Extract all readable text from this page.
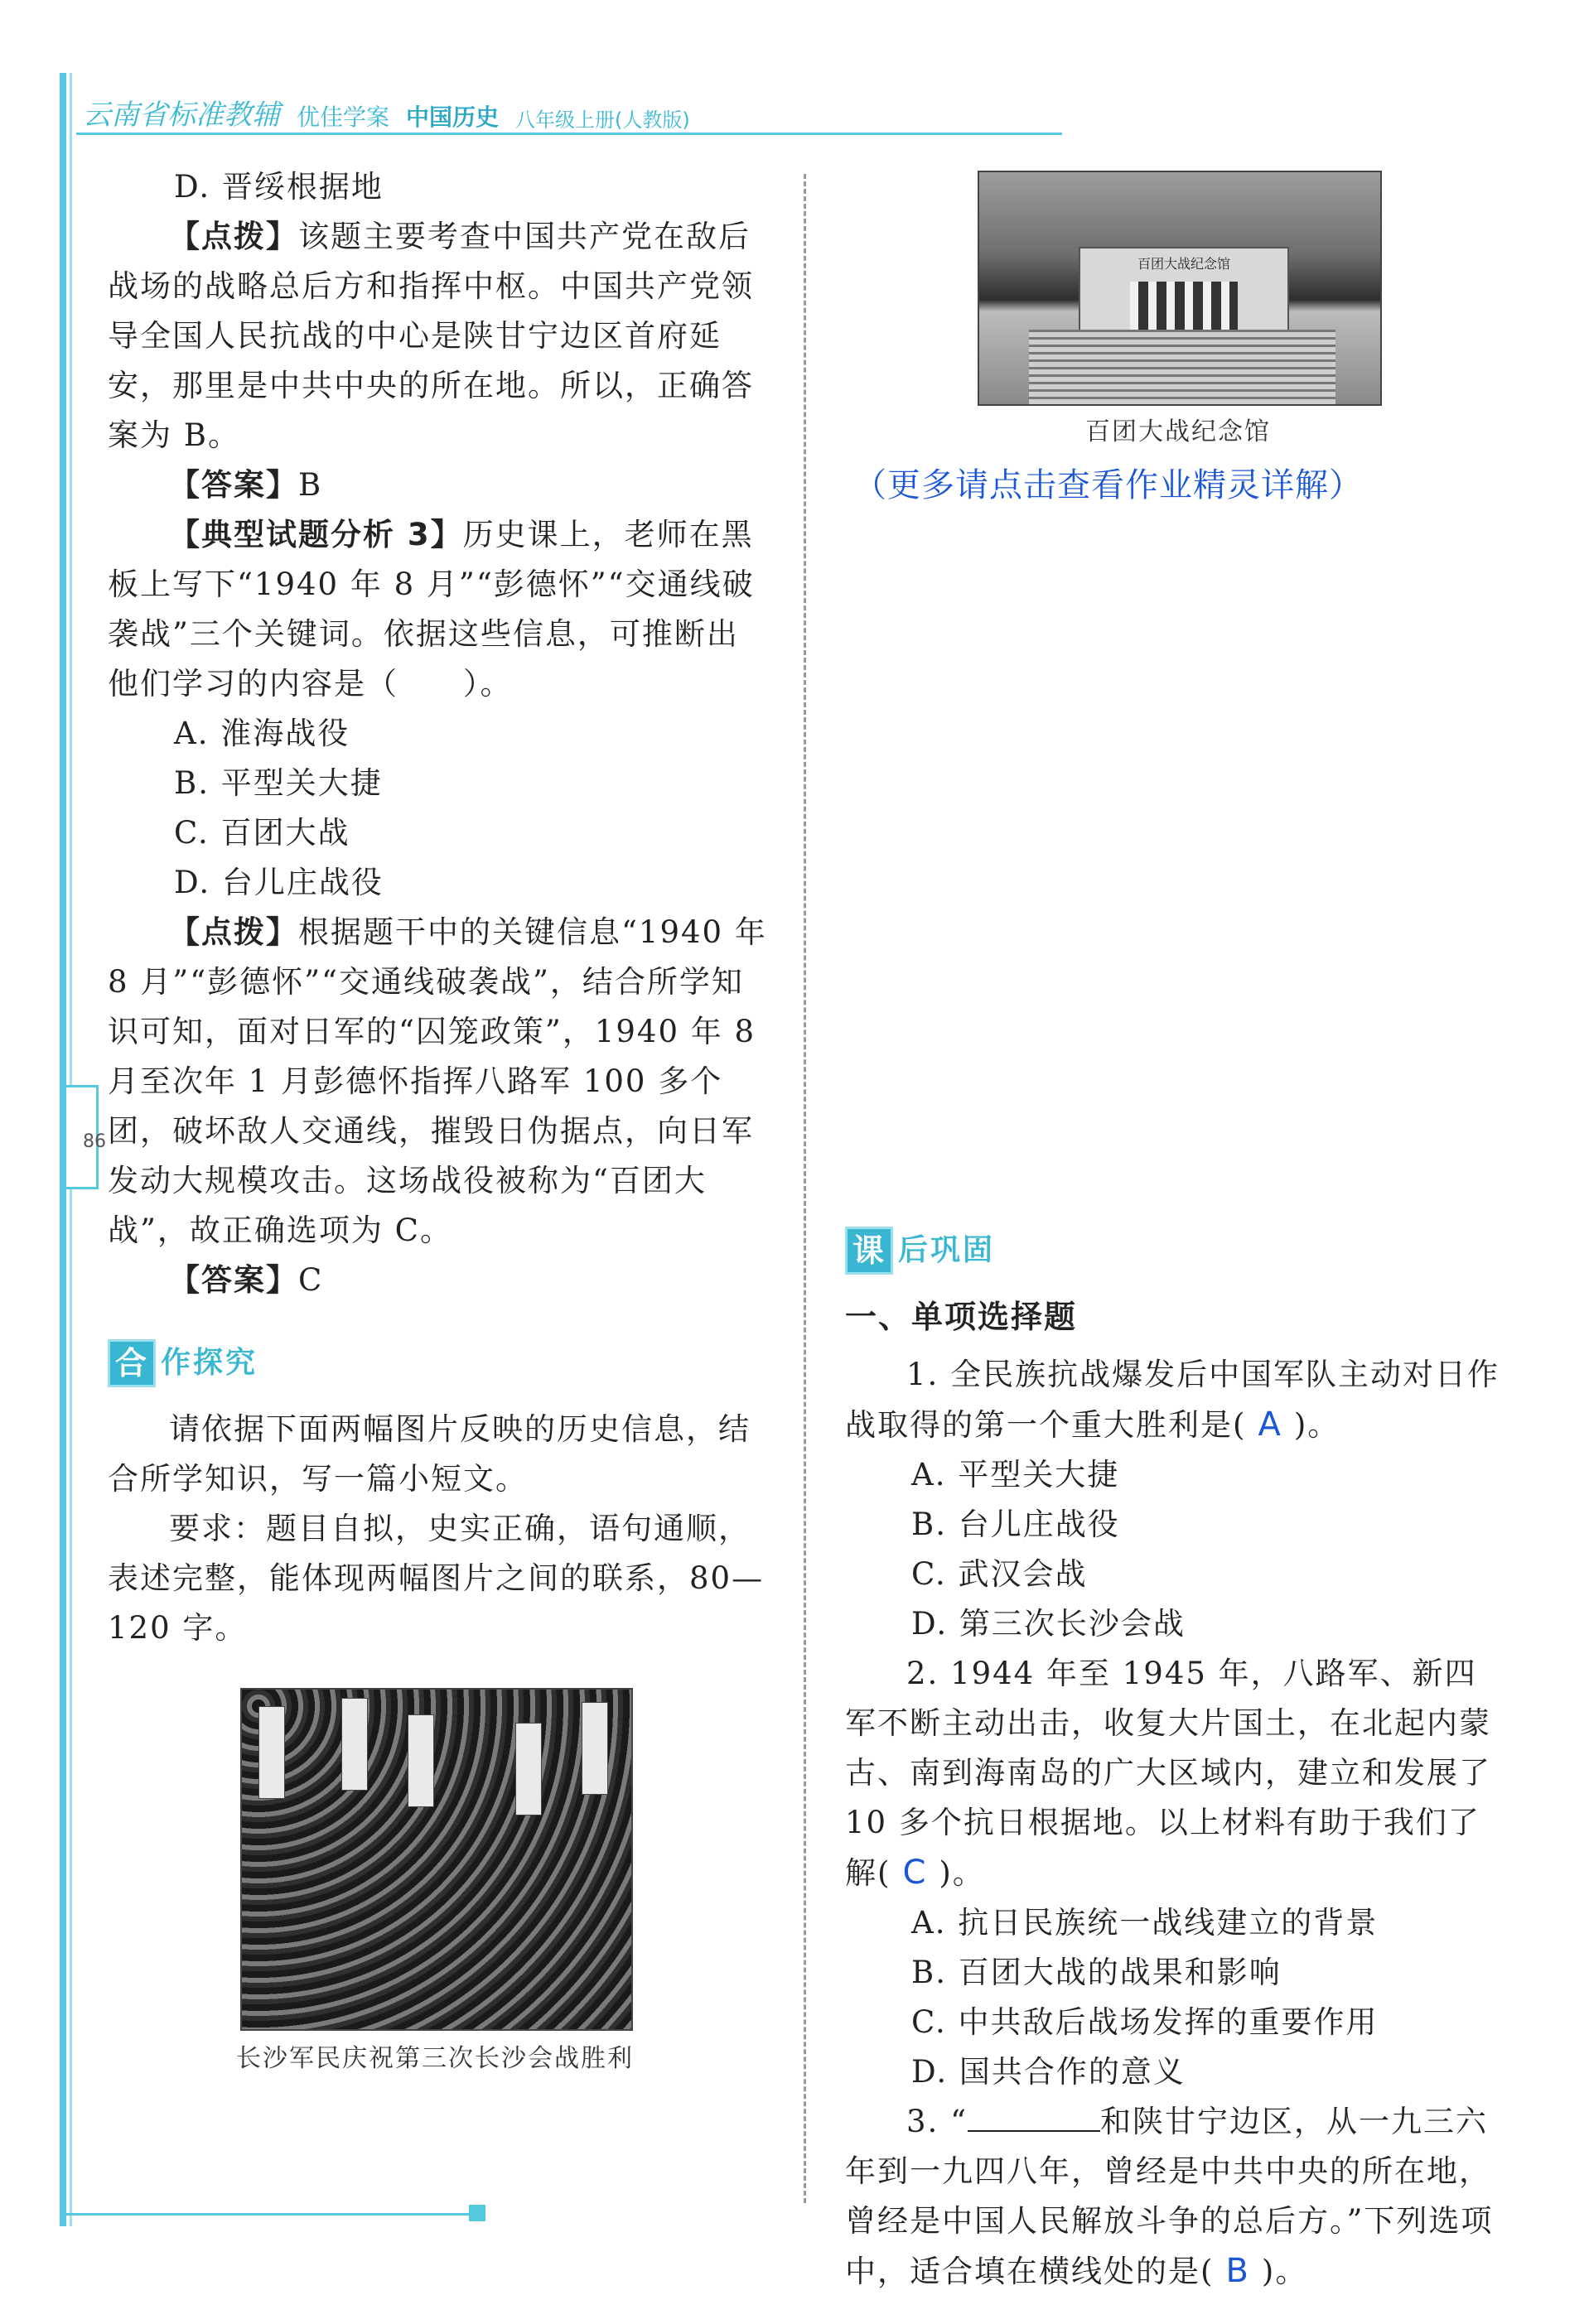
86
云南省标准教辅 优佳学案 中国历史 八年级上册(人教版)

D. 晋绥根据地

【点拨】该题主要考查中国共产党在敌后战场的战略总后方和指挥中枢。中国共产党领导全国人民抗战的中心是陕甘宁边区首府延安，那里是中共中央的所在地。所以，正确答案为 B。

【答案】B

【典型试题分析 3】历史课上，老师在黑板上写下“1940 年 8 月”“彭德怀”“交通线破袭战”三个关键词。依据这些信息，可推断出他们学习的内容是（　　）。

A. 淮海战役

B. 平型关大捷

C. 百团大战

D. 台儿庄战役

【点拨】根据题干中的关键信息“1940 年 8 月”“彭德怀”“交通线破袭战”，结合所学知识可知，面对日军的“囚笼政策”，1940 年 8 月至次年 1 月彭德怀指挥八路军 100 多个团，破坏敌人交通线，摧毁日伪据点，向日军发动大规模攻击。这场战役被称为“百团大战”，故正确选项为 C。

【答案】C

合 作探究

请依据下面两幅图片反映的历史信息，结合所学知识，写一篇小短文。

要求：题目自拟，史实正确，语句通顺，表述完整，能体现两幅图片之间的联系，80—120 字。

长沙军民庆祝第三次长沙会战胜利
百团大战纪念馆
百团大战纪念馆
（更多请点击查看作业精灵详解）
课 后巩固

一、单项选择题

1. 全民族抗战爆发后中国军队主动对日作战取得的第一个重大胜利是( A )。

A. 平型关大捷

B. 台儿庄战役

C. 武汉会战

D. 第三次长沙会战

2. 1944 年至 1945 年，八路军、新四军不断主动出击，收复大片国土，在北起内蒙古、南到海南岛的广大区域内，建立和发展了 10 多个抗日根据地。以上材料有助于我们了解( C )。

A. 抗日民族统一战线建立的背景

B. 百团大战的战果和影响

C. 中共敌后战场发挥的重要作用

D. 国共合作的意义

3. “	和陕甘宁边区，从一九三六年到一九四八年，曾经是中共中央的所在地，曾经是中国人民解放斗争的总后方。”下列选项中，适合填在横线处的是( B )。
